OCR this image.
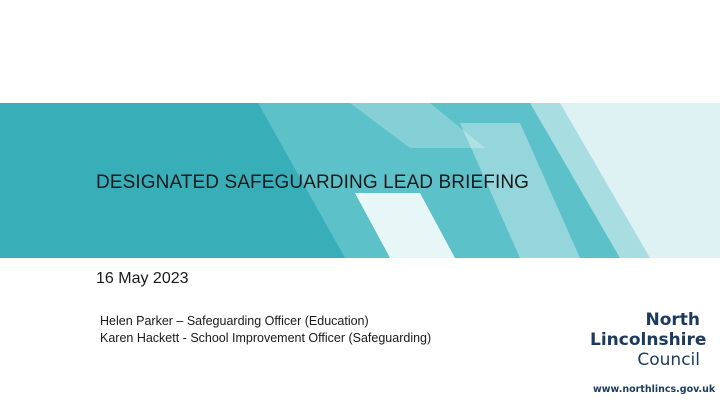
DESIGNATED SAFEGUARDING LEAD BRIEFING
16 May 2023
Helen Parker – Safeguarding Officer (Education)
Karen Hackett - School Improvement Officer (Safeguarding)
North
Lincolnshire
Council
www.northlincs.gov.uk
